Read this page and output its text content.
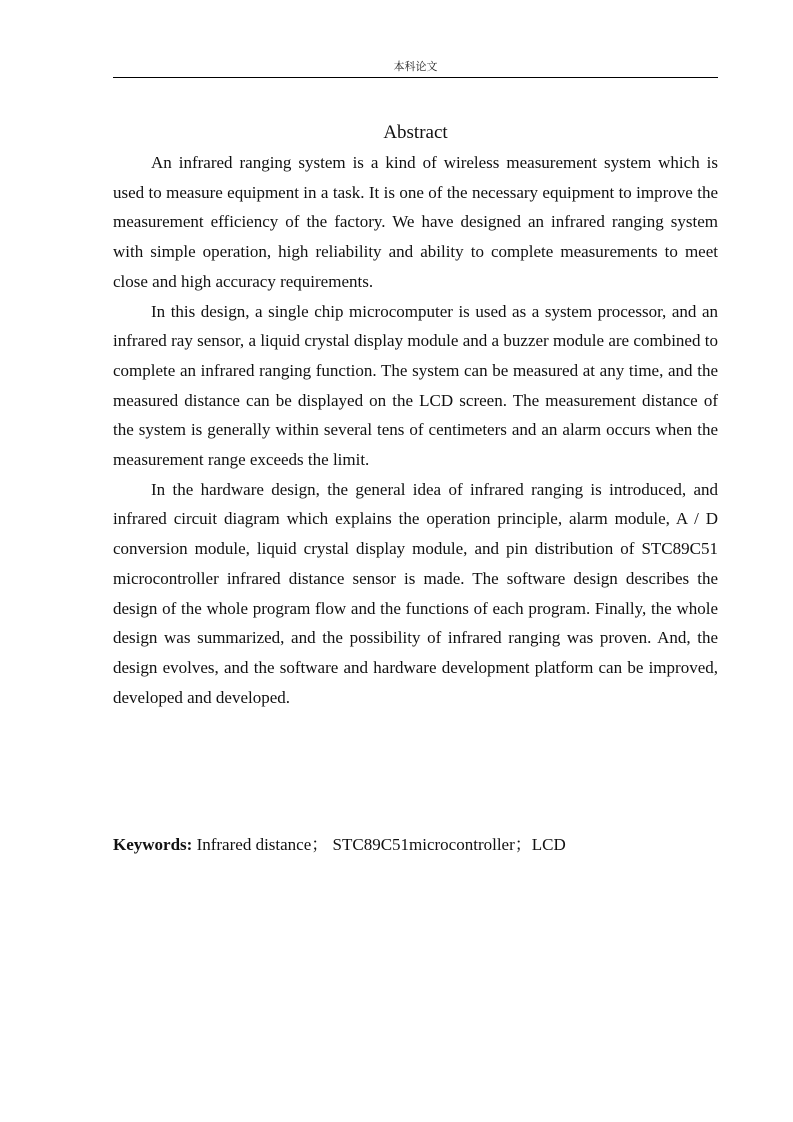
本科论文
Abstract

An infrared ranging system is a kind of wireless measurement system which is used to measure equipment in a task. It is one of the necessary equipment to improve the measurement efficiency of the factory. We have designed an infrared ranging system with simple operation, high reliability and ability to complete measurements to meet close and high accuracy requirements.

In this design, a single chip microcomputer is used as a system processor, and an infrared ray sensor, a liquid crystal display module and a buzzer module are combined to complete an infrared ranging function. The system can be measured at any time, and the measured distance can be displayed on the LCD screen. The measurement distance of the system is generally within several tens of centimeters and an alarm occurs when the measurement range exceeds the limit.

In the hardware design, the general idea of infrared ranging is introduced, and infrared circuit diagram which explains the operation principle, alarm module, A / D conversion module, liquid crystal display module, and pin distribution of STC89C51 microcontroller infrared distance sensor is made. The software design describes the design of the whole program flow and the functions of each program. Finally, the whole design was summarized, and the possibility of infrared ranging was proven. And, the design evolves, and the software and hardware development platform can be improved, developed and developed.

Keywords: Infrared distance； STC89C51microcontroller；LCD
